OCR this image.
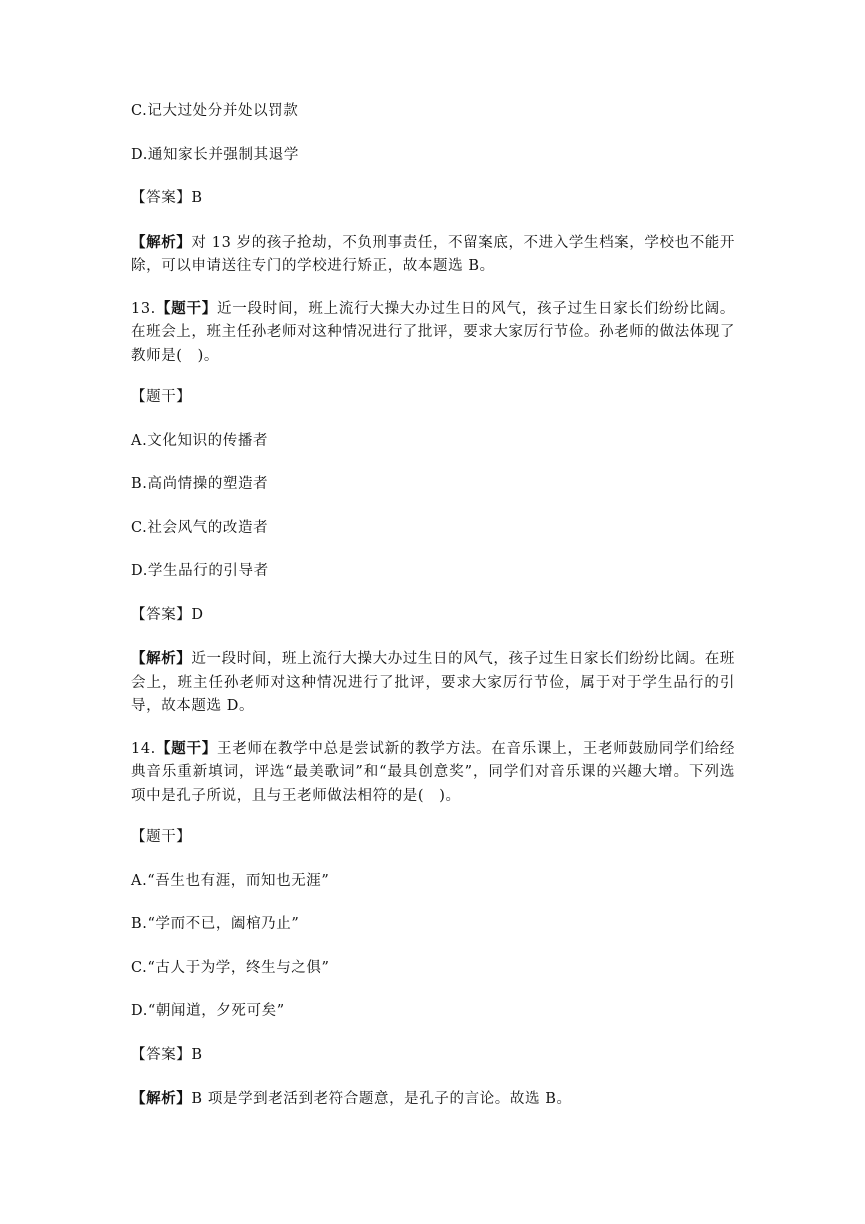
C.记大过处分并处以罚款

D.通知家长并强制其退学

【答案】B

【解析】对 13 岁的孩子抢劫，不负刑事责任，不留案底，不进入学生档案，学校也不能开除，可以申请送往专门的学校进行矫正，故本题选 B。

13.【题干】近一段时间，班上流行大操大办过生日的风气，孩子过生日家长们纷纷比阔。在班会上，班主任孙老师对这种情况进行了批评，要求大家厉行节俭。孙老师的做法体现了教师是(　)。

【题干】

A.文化知识的传播者

B.高尚情操的塑造者

C.社会风气的改造者

D.学生品行的引导者

【答案】D

【解析】近一段时间，班上流行大操大办过生日的风气，孩子过生日家长们纷纷比阔。在班会上，班主任孙老师对这种情况进行了批评，要求大家厉行节俭，属于对于学生品行的引导，故本题选 D。

14.【题干】王老师在教学中总是尝试新的教学方法。在音乐课上，王老师鼓励同学们给经典音乐重新填词，评选“最美歌词”和“最具创意奖”，同学们对音乐课的兴趣大增。下列选项中是孔子所说，且与王老师做法相符的是(　)。

【题干】

A.“吾生也有涯，而知也无涯”

B.“学而不已，阖棺乃止”

C.“古人于为学，终生与之俱”

D.“朝闻道，夕死可矣”

【答案】B

【解析】B 项是学到老活到老符合题意，是孔子的言论。故选 B。
